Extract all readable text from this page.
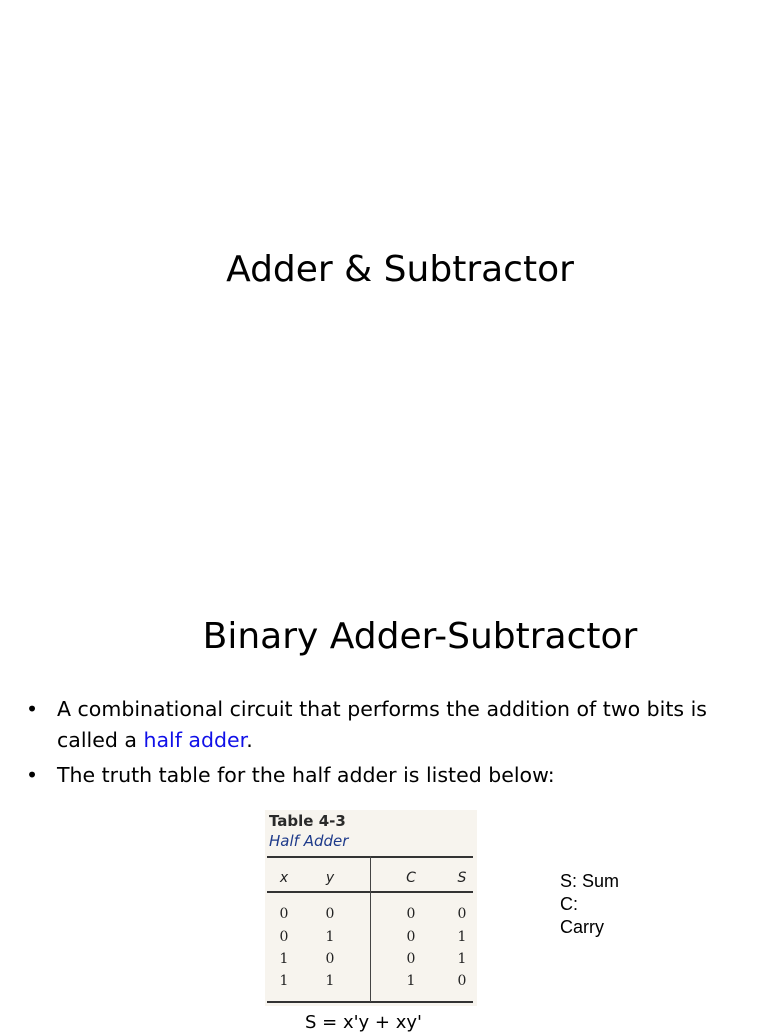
Adder & Subtractor
Binary Adder-Subtractor
• A combinational circuit that performs the addition of two bits is called a half adder.
• The truth table for the half adder is listed below:
Table 4-3
Half Adder
x	y	C	S
0	0	0	0
0	1	0	1
1	0	0	1
1	1	1	0
S: Sum
C:
Carry
S = x'y + xy'
